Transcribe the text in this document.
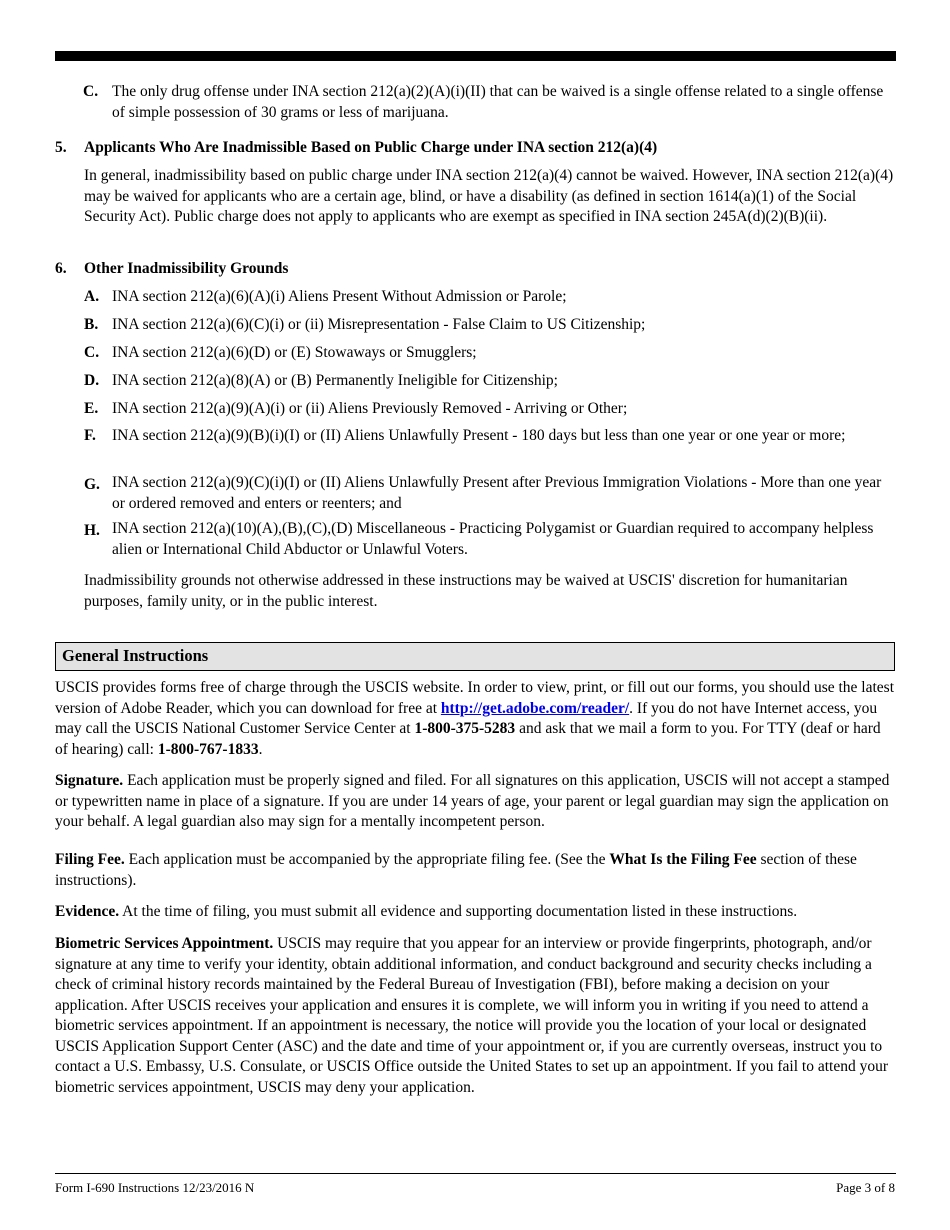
C. The only drug offense under INA section 212(a)(2)(A)(i)(II) that can be waived is a single offense related to a single offense of simple possession of 30 grams or less of marijuana.

5. Applicants Who Are Inadmissible Based on Public Charge under INA section 212(a)(4)

In general, inadmissibility based on public charge under INA section 212(a)(4) cannot be waived. However, INA section 212(a)(4) may be waived for applicants who are a certain age, blind, or have a disability (as defined in section 1614(a)(1) of the Social Security Act). Public charge does not apply to applicants who are exempt as specified in INA section 245A(d)(2)(B)(ii).

6. Other Inadmissibility Grounds
A. INA section 212(a)(6)(A)(i) Aliens Present Without Admission or Parole;

B. INA section 212(a)(6)(C)(i) or (ii) Misrepresentation - False Claim to US Citizenship;

C. INA section 212(a)(6)(D) or (E) Stowaways or Smugglers;

D. INA section 212(a)(8)(A) or (B) Permanently Ineligible for Citizenship;

E. INA section 212(a)(9)(A)(i) or (ii) Aliens Previously Removed - Arriving or Other;

F. INA section 212(a)(9)(B)(i)(I) or (II) Aliens Unlawfully Present - 180 days but less than one year or one year or more;

G. INA section 212(a)(9)(C)(i)(I) or (II) Aliens Unlawfully Present after Previous Immigration Violations - More than one year or ordered removed and enters or reenters; and

H. INA section 212(a)(10)(A),(B),(C),(D) Miscellaneous - Practicing Polygamist or Guardian required to accompany helpless alien or International Child Abductor or Unlawful Voters.

Inadmissibility grounds not otherwise addressed in these instructions may be waived at USCIS' discretion for humanitarian purposes, family unity, or in the public interest.

General Instructions

USCIS provides forms free of charge through the USCIS website. In order to view, print, or fill out our forms, you should use the latest version of Adobe Reader, which you can download for free at http://get.adobe.com/reader/. If you do not have Internet access, you may call the USCIS National Customer Service Center at 1-800-375-5283 and ask that we mail a form to you. For TTY (deaf or hard of hearing) call: 1-800-767-1833.

Signature. Each application must be properly signed and filed. For all signatures on this application, USCIS will not accept a stamped or typewritten name in place of a signature. If you are under 14 years of age, your parent or legal guardian may sign the application on your behalf. A legal guardian also may sign for a mentally incompetent person.

Filing Fee. Each application must be accompanied by the appropriate filing fee. (See the What Is the Filing Fee section of these instructions).

Evidence. At the time of filing, you must submit all evidence and supporting documentation listed in these instructions.

Biometric Services Appointment. USCIS may require that you appear for an interview or provide fingerprints, photograph, and/or signature at any time to verify your identity, obtain additional information, and conduct background and security checks including a check of criminal history records maintained by the Federal Bureau of Investigation (FBI), before making a decision on your application. After USCIS receives your application and ensures it is complete, we will inform you in writing if you need to attend a biometric services appointment. If an appointment is necessary, the notice will provide you the location of your local or designated USCIS Application Support Center (ASC) and the date and time of your appointment or, if you are currently overseas, instruct you to contact a U.S. Embassy, U.S. Consulate, or USCIS Office outside the United States to set up an appointment. If you fail to attend your biometric services appointment, USCIS may deny your application.

Form I-690 Instructions 12/23/2016 N	Page 3 of 8
